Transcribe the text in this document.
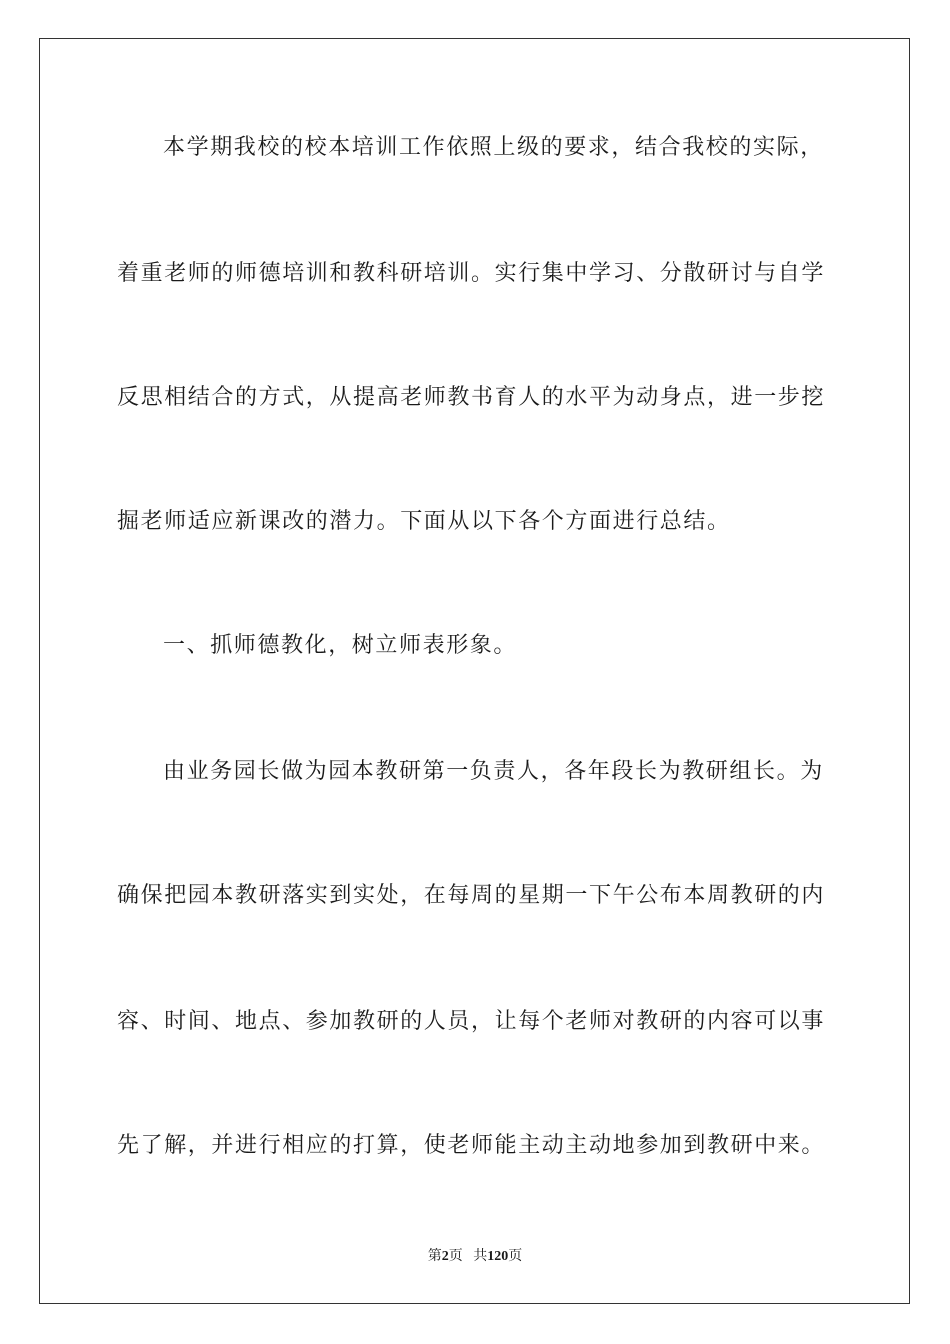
本学期我校的校本培训工作依照上级的要求，结合我校的实际，
着重老师的师德培训和教科研培训。实行集中学习、分散研讨与自学
反思相结合的方式，从提高老师教书育人的水平为动身点，进一步挖
掘老师适应新课改的潜力。下面从以下各个方面进行总结。
一、抓师德教化，树立师表形象。
由业务园长做为园本教研第一负责人，各年段长为教研组长。为
确保把园本教研落实到实处，在每周的星期一下午公布本周教研的内
容、时间、地点、参加教研的人员，让每个老师对教研的内容可以事
先了解，并进行相应的打算，使老师能主动主动地参加到教研中来。
第2页 共120页
